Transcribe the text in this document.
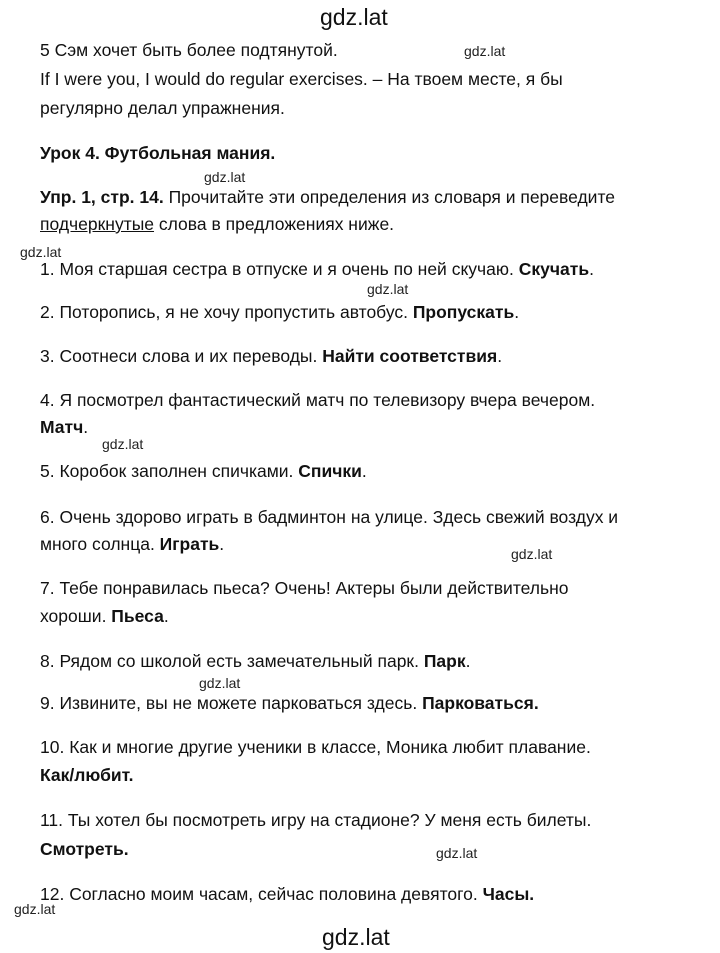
gdz.lat
gdz.lat
gdz.lat
gdz.lat
gdz.lat
gdz.lat
gdz.lat
gdz.lat
gdz.lat
gdz.lat
gdz.lat
5 Сэм хочет быть более подтянутой.
If I were you, I would do regular exercises. – На твоем месте, я бы
регулярно делал упражнения.
Урок 4. Футбольная мания.
Упр. 1, стр. 14. Прочитайте эти определения из словаря и переведите
подчеркнутые слова в предложениях ниже.
1. Моя старшая сестра в отпуске и я очень по ней скучаю. Скучать.
2. Поторопись, я не хочу пропустить автобус. Пропускать.
3. Соотнеси слова и их переводы. Найти соответствия.
4. Я посмотрел фантастический матч по телевизору вчера вечером.
Матч.
5. Коробок заполнен спичками. Спички.
6. Очень здорово играть в бадминтон на улице. Здесь свежий воздух и
много солнца. Играть.
7. Тебе понравилась пьеса? Очень! Актеры были действительно
хороши. Пьеса.
8. Рядом со школой есть замечательный парк. Парк.
9. Извините, вы не можете парковаться здесь. Парковаться.
10. Как и многие другие ученики в классе, Моника любит плавание.
Как/любит.
11. Ты хотел бы посмотреть игру на стадионе? У меня есть билеты.
Смотреть.
12. Согласно моим часам, сейчас половина девятого. Часы.
